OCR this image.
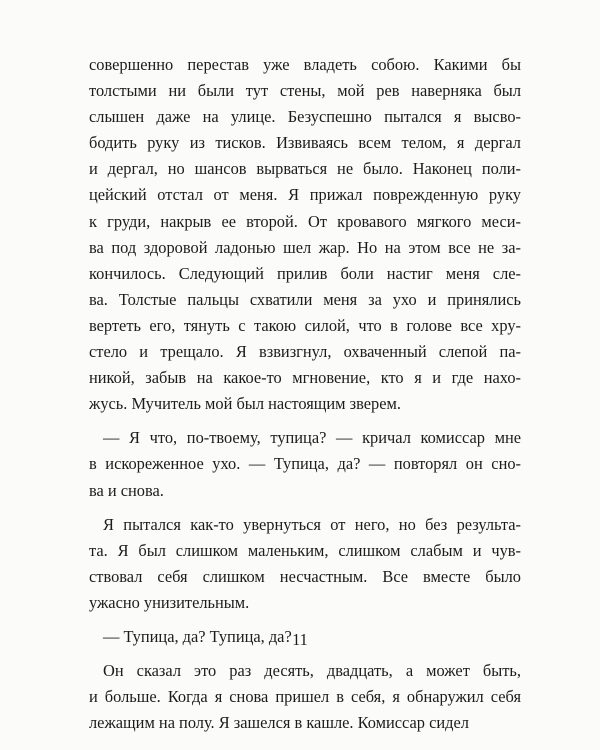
совершенно перестав уже владеть собою. Какими бы
толстыми ни были тут стены, мой рев наверняка был
слышен даже на улице. Безуспешно пытался я высво-
бодить руку из тисков. Извиваясь всем телом, я дергал
и дергал, но шансов вырваться не было. Наконец поли-
цейский отстал от меня. Я прижал поврежденную руку
к груди, накрыв ее второй. От кровавого мягкого меси-
ва под здоровой ладонью шел жар. Но на этом все не за-
кончилось. Следующий прилив боли настиг меня сле-
ва. Толстые пальцы схватили меня за ухо и принялись
вертеть его, тянуть с такою силой, что в голове все хру-
стело и трещало. Я взвизгнул, охваченный слепой па-
никой, забыв на какое-то мгновение, кто я и где нахо-
жусь. Мучитель мой был настоящим зверем.
— Я что, по-твоему, тупица? — кричал комиссар мне
в искореженное ухо. — Тупица, да? — повторял он сно-
ва и снова.
Я пытался как-то увернуться от него, но без результа-
та. Я был слишком маленьким, слишком слабым и чув-
ствовал себя слишком несчастным. Все вместе было
ужасно унизительным.
— Тупица, да? Тупица, да?
Он сказал это раз десять, двадцать, а может быть,
и больше. Когда я снова пришел в себя, я обнаружил себя
лежащим на полу. Я зашелся в кашле. Комиссар сидел
11
